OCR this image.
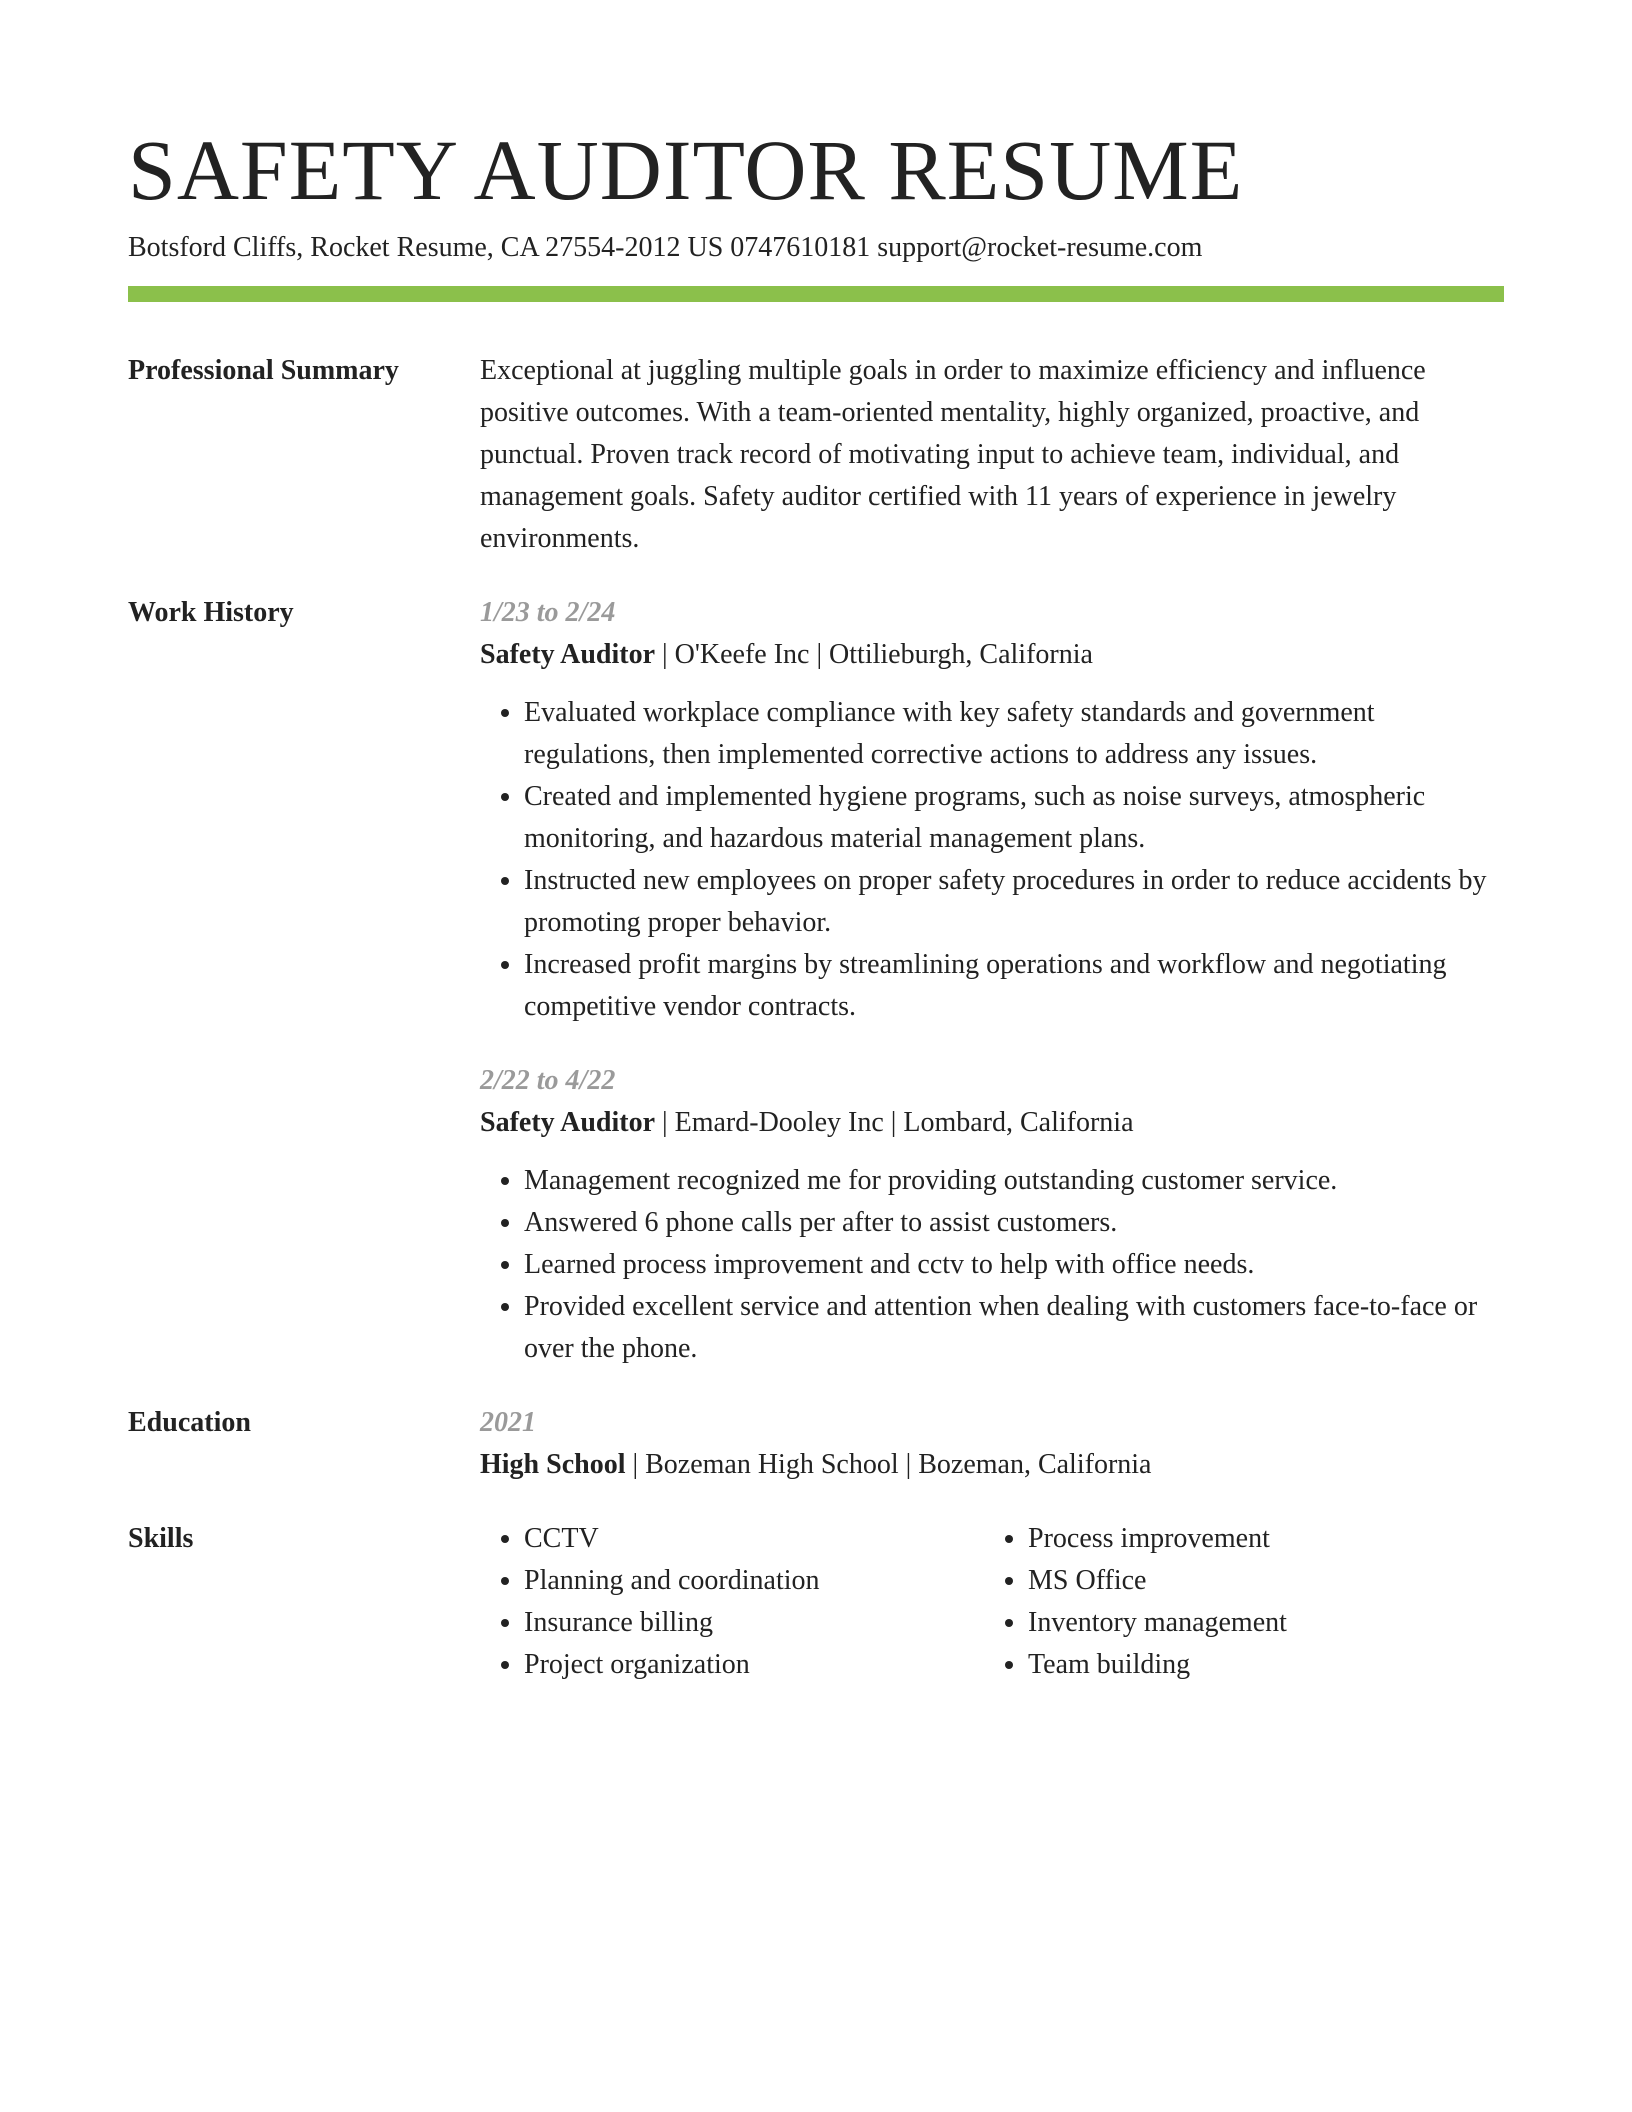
SAFETY AUDITOR RESUME
Botsford Cliffs, Rocket Resume, CA 27554-2012 US 0747610181 support@rocket-resume.com
Professional Summary	Exceptional at juggling multiple goals in order to maximize efficiency and influence positive outcomes. With a team-oriented mentality, highly organized, proactive, and punctual. Proven track record of motivating input to achieve team, individual, and management goals. Safety auditor certified with 11 years of experience in jewelry environments.
Work History	1/23 to 2/24
Safety Auditor | O'Keefe Inc | Ottilieburgh, California
• Evaluated workplace compliance with key safety standards and government regulations, then implemented corrective actions to address any issues.
• Created and implemented hygiene programs, such as noise surveys, atmospheric monitoring, and hazardous material management plans.
• Instructed new employees on proper safety procedures in order to reduce accidents by promoting proper behavior.
• Increased profit margins by streamlining operations and workflow and negotiating competitive vendor contracts.
2/22 to 4/22
Safety Auditor | Emard-Dooley Inc | Lombard, California
• Management recognized me for providing outstanding customer service.
• Answered 6 phone calls per after to assist customers.
• Learned process improvement and cctv to help with office needs.
• Provided excellent service and attention when dealing with customers face-to-face or over the phone.
Education	2021
High School | Bozeman High School | Bozeman, California
Skills
•	CCTV
• Planning and coordination
• Insurance billing
• Project organization
• Process improvement
• MS Office
• Inventory management
• Team building
